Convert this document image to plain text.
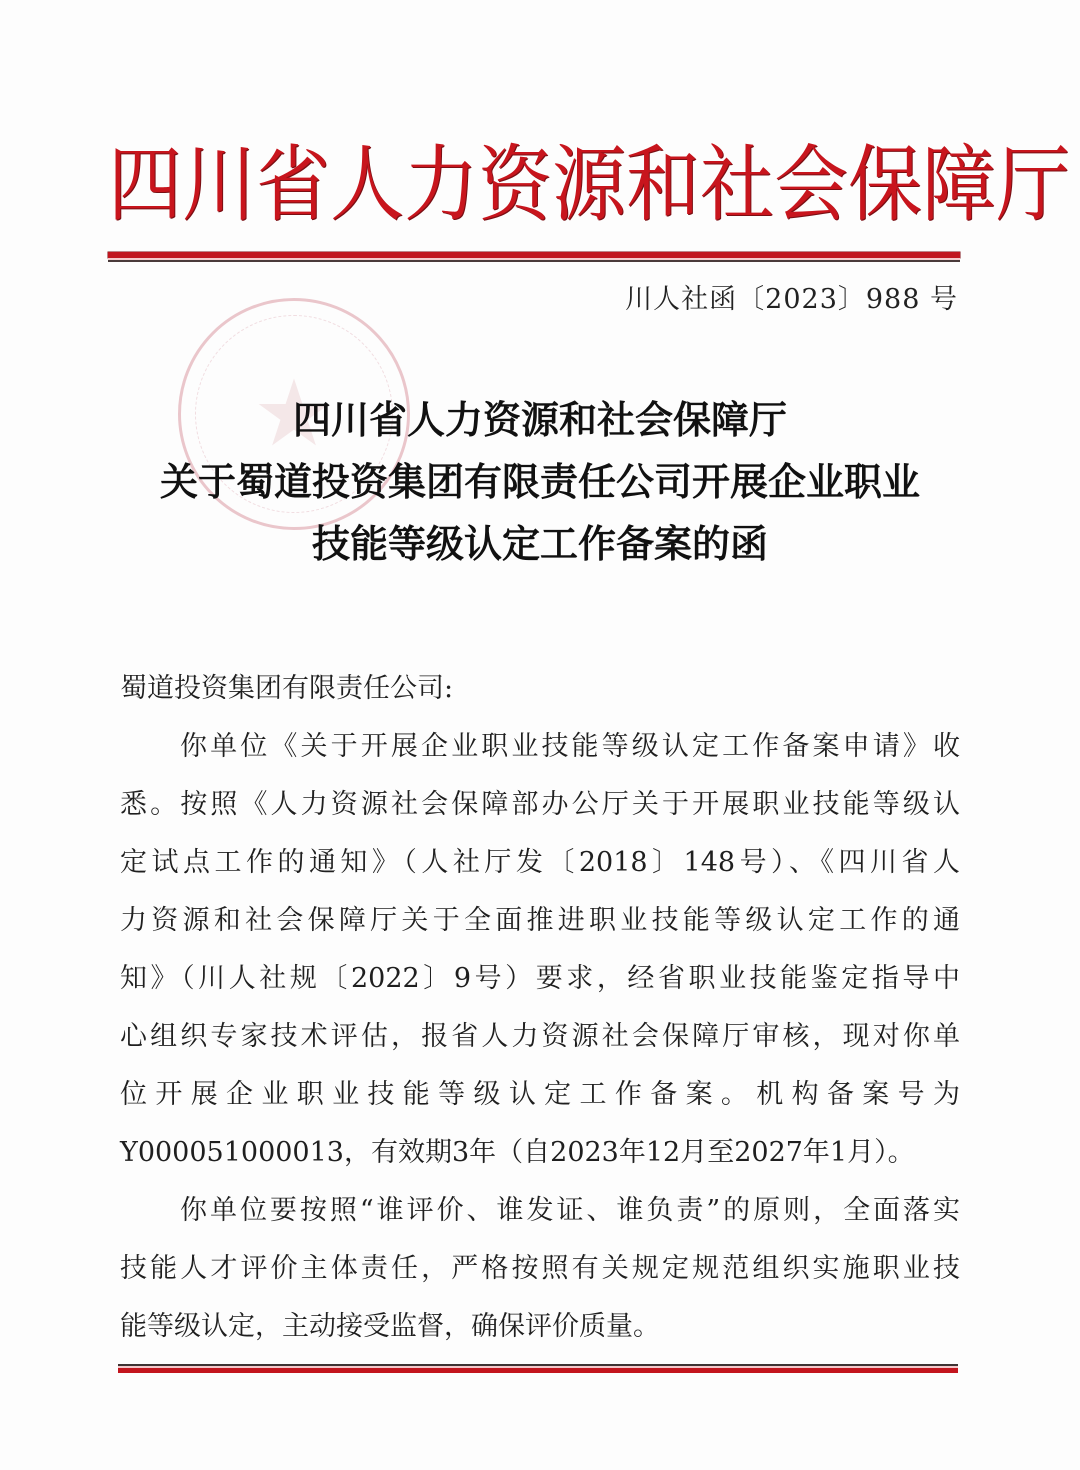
四川省人力资源和社会保障厅
川人社函〔2023〕988 号
★
四川省人力资源和社会保障厅
关于蜀道投资集团有限责任公司开展企业职业
技能等级认定工作备案的函
蜀道投资集团有限责任公司:
你单位《关于开展企业职业技能等级认定工作备案申请》收
悉。按照《人力资源社会保障部办公厅关于开展职业技能等级认
定试点工作的通知》（人社厅发〔2018〕148号）、《四川省人
力资源和社会保障厅关于全面推进职业技能等级认定工作的通
知》（川人社规〔2022〕9号）要求，经省职业技能鉴定指导中
心组织专家技术评估，报省人力资源社会保障厅审核，现对你单
位开展企业职业技能等级认定工作备案。机构备案号为
Y000051000013，有效期3年（自2023年12月至2027年1月）。
你单位要按照“谁评价、谁发证、谁负责”的原则，全面落实
技能人才评价主体责任，严格按照有关规定规范组织实施职业技
能等级认定，主动接受监督，确保评价质量。
